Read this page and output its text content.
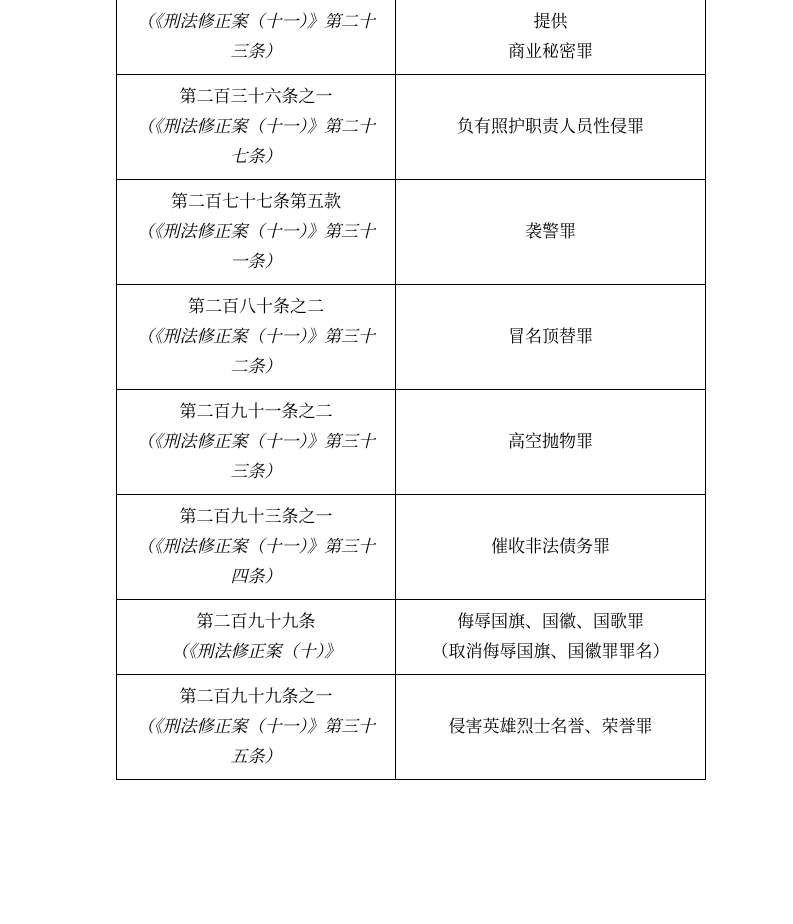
（《刑法修正案（十一）》第二十
三条）	提供
商业秘密罪

第二百三十六条之一
（《刑法修正案（十一）》第二十
七条）	负有照护职责人员性侵罪

第二百七十七条第五款
（《刑法修正案（十一）》第三十
一条）	袭警罪

第二百八十条之二
（《刑法修正案（十一）》第三十
二条）	冒名顶替罪

第二百九十一条之二
（《刑法修正案（十一）》第三十
三条）	高空抛物罪

第二百九十三条之一
（《刑法修正案（十一）》第三十
四条）	催收非法债务罪

第二百九十九条
（《刑法修正案（十）》	侮辱国旗、国徽、国歌罪
（取消侮辱国旗、国徽罪罪名）

第二百九十九条之一
（《刑法修正案（十一）》第三十
五条）	侵害英雄烈士名誉、荣誉罪
